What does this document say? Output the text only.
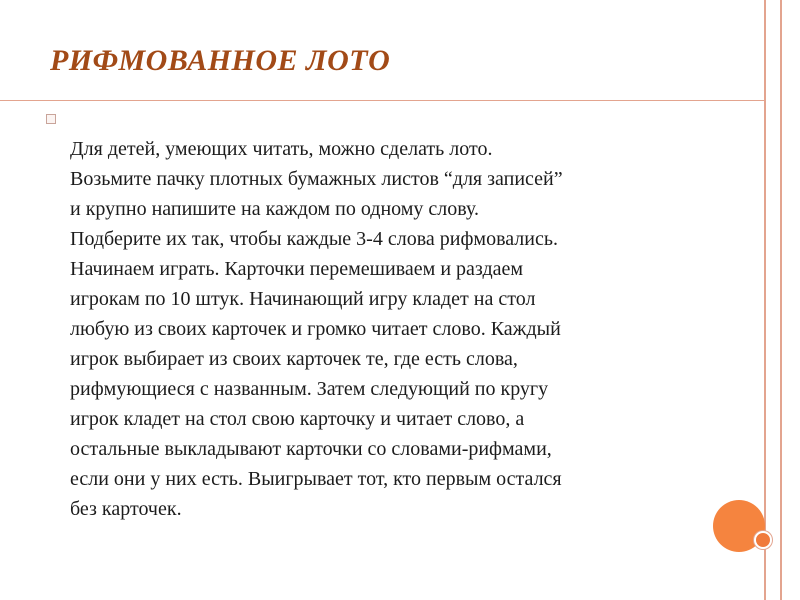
РИФМОВАННОЕ ЛОТО
Для детей, умеющих читать, можно сделать лото.
Возьмите пачку плотных бумажных листов “для записей”
и крупно напишите на каждом по одному слову.
Подберите их так, чтобы каждые 3-4 слова рифмовались.
Начинаем играть. Карточки перемешиваем и раздаем
игрокам по 10 штук. Начинающий игру кладет на стол
любую из своих карточек и громко читает слово. Каждый
игрок выбирает из своих карточек те, где есть слова,
рифмующиеся с названным. Затем следующий по кругу
игрок кладет на стол свою карточку и читает слово, а
остальные выкладывают карточки со словами-рифмами,
если они у них есть. Выигрывает тот, кто первым остался
без карточек.
